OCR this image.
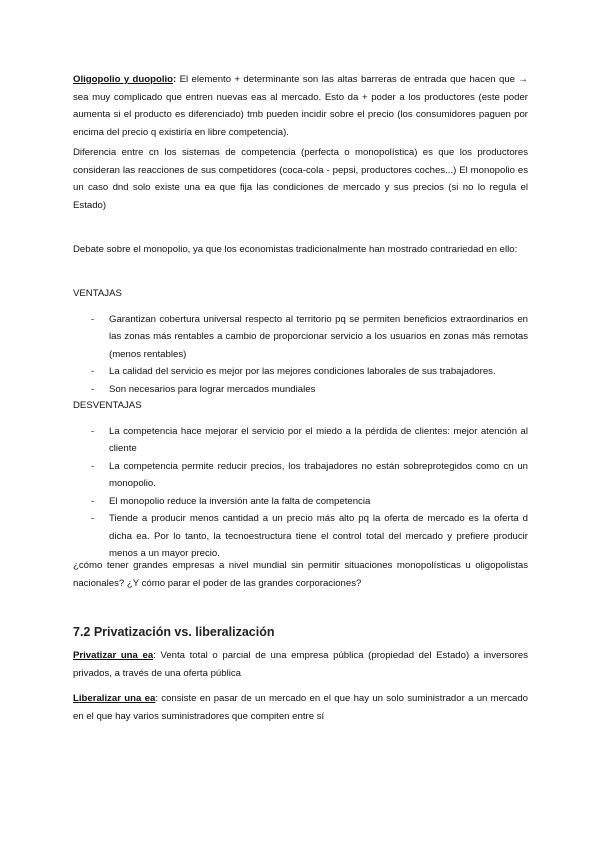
Oligopolio y duopolio: El elemento + determinante son las altas barreras de entrada que hacen que → sea muy complicado que entren nuevas eas al mercado. Esto da + poder a los productores (este poder aumenta si el producto es diferenciado) tmb pueden incidir sobre el precio (los consumidores paguen por encima del precio q existiría en libre competencia).

Diferencia entre cn los sistemas de competencia (perfecta o monopolística) es que los productores consideran las reacciones de sus competidores (coca-cola - pepsi, productores coches...) El monopolio es un caso dnd solo existe una ea que fija las condiciones de mercado y sus precios (si no lo regula el Estado)

Debate sobre el monopolio, ya que los economistas tradicionalmente han mostrado contrariedad en ello:

VENTAJAS

- Garantizan cobertura universal respecto al territorio pq se permiten beneficios extraordinarios en las zonas más rentables a cambio de proporcionar servicio a los usuarios en zonas más remotas (menos rentables)
- La calidad del servicio es mejor por las mejores condiciones laborales de sus trabajadores.
- Son necesarios para lograr mercados mundiales

DESVENTAJAS

- La competencia hace mejorar el servicio por el miedo a la pérdida de clientes: mejor atención al cliente
- La competencia permite reducir precios, los trabajadores no están sobreprotegidos como cn un monopolio.
- El monopolio reduce la inversión ante la falta de competencia
- Tiende a producir menos cantidad a un precio más alto pq la oferta de mercado es la oferta d dicha ea. Por lo tanto, la tecnoestructura tiene el control total del mercado y prefiere producir menos a un mayor precio.

¿cómo tener grandes empresas a nivel mundial sin permitir situaciones monopolísticas u oligopolistas nacionales? ¿Y cómo parar el poder de las grandes corporaciones?

7.2 Privatización vs. liberalización

Privatizar una ea: Venta total o parcial de una empresa pública (propiedad del Estado) a inversores privados, a través de una oferta pública

Liberalizar una ea: consiste en pasar de un mercado en el que hay un solo suministrador a un mercado en el que hay varios suministradores que compiten entre sí
